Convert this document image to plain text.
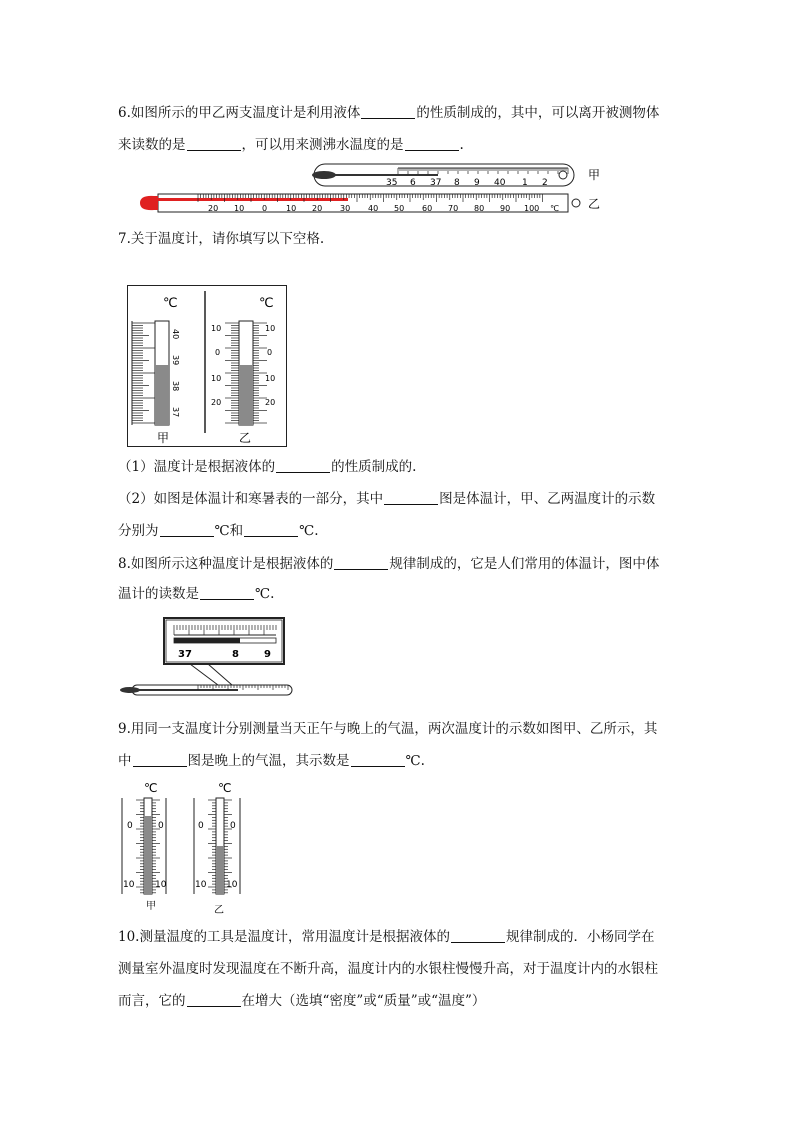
6.如图所示的甲乙两支温度计是利用液体	的性质制成的，其中，可以离开被测物体
来读数的是	，可以用来测沸水温度的是	.
35 6 37 8 9 40 1 2
甲
20 10 0 10 20 30 40 50 60 70 80 90 100 ℃ 乙
7.关于温度计，请你填写以下空格.
℃
40
39
38
37
甲
℃
10
0
10
20
10
0
10
20
乙
（1）温度计是根据液体的	的性质制成的.
（2）如图是体温计和寒暑表的一部分，其中	图是体温计，甲、乙两温度计的示数
分别为	℃和	℃.
8.如图所示这种温度计是根据液体的	规律制成的，它是人们常用的体温计，图中体
温计的读数是	℃.
37	8	9
9.用同一支温度计分别测量当天正午与晚上的气温，两次温度计的示数如图甲、乙所示，其
中	图是晚上的气温，其示数是	℃.
℃
0
10
0
10
甲
℃
0
10
0
10
乙
10.测量温度的工具是温度计，常用温度计是根据液体的	规律制成的．小杨同学在
测量室外温度时发现温度在不断升高，温度计内的水银柱慢慢升高，对于温度计内的水银柱
而言，它的	在增大（选填“密度”或“质量”或“温度”）
